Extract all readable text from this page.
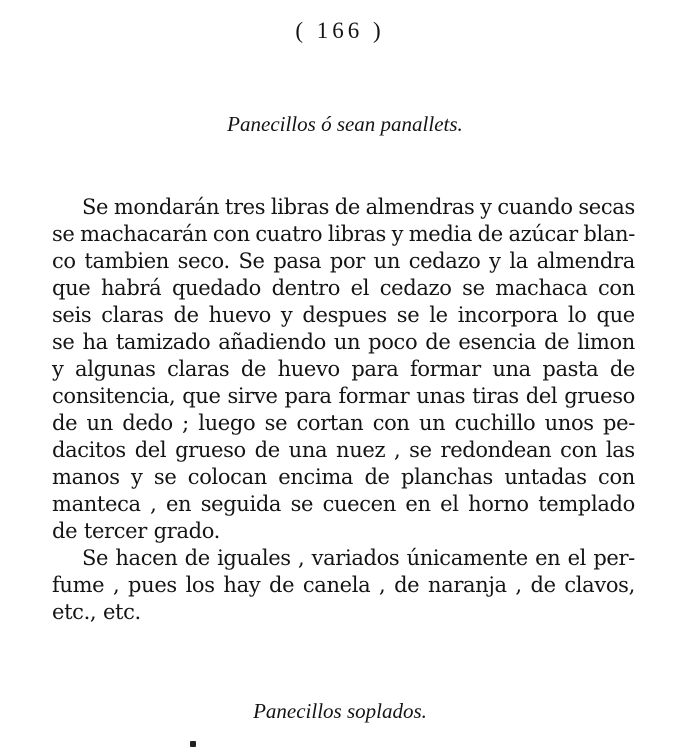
( 166 )
Panecillos ó sean panallets.
Se mondarán tres libras de almendras y cuando secas
se machacarán con cuatro libras y media de azúcar blan-
co tambien seco. Se pasa por un cedazo y la almendra
que habrá quedado dentro el cedazo se machaca con
seis claras de huevo y despues se le incorpora lo que
se ha tamizado añadiendo un poco de esencia de limon
y algunas claras de huevo para formar una pasta de
consitencia, que sirve para formar unas tiras del grueso
de un dedo ; luego se cortan con un cuchillo unos pe-
dacitos del grueso de una nuez , se redondean con las
manos y se colocan encima de planchas untadas con
manteca , en seguida se cuecen en el horno templado
de tercer grado.
Se hacen de iguales , variados únicamente en el per-
fume , pues los hay de canela , de naranja , de clavos,
etc., etc.
Panecillos soplados.
